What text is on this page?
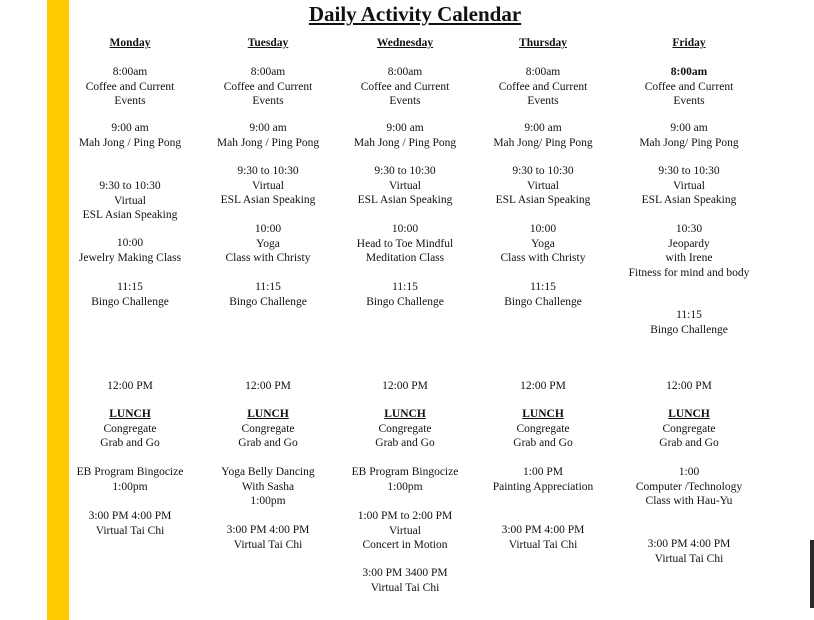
Daily Activity Calendar
Monday
8:00am
Coffee and Current
Events
9:00 am
Mah Jong / Ping Pong
9:30 to 10:30
Virtual
ESL Asian Speaking
10:00
Jewelry Making Class
11:15
Bingo Challenge
12:00 PM
LUNCH
Congregate
Grab and Go
EB Program Bingocize
1:00pm
3:00 PM 4:00 PM
Virtual Tai Chi
Tuesday
8:00am
Coffee and Current
Events
9:00 am
Mah Jong / Ping Pong
9:30 to 10:30
Virtual
ESL Asian Speaking
10:00
Yoga
Class with Christy
11:15
Bingo Challenge
12:00 PM
LUNCH
Congregate
Grab and Go
Yoga Belly Dancing
With Sasha
1:00pm
3:00 PM 4:00 PM
Virtual Tai Chi
Wednesday
8:00am
Coffee and Current
Events
9:00 am
Mah Jong / Ping Pong
9:30 to 10:30
Virtual
ESL Asian Speaking
10:00
Head to Toe Mindful
Meditation Class
11:15
Bingo Challenge
12:00 PM
LUNCH
Congregate
Grab and Go
EB Program Bingocize
1:00pm
1:00 PM to 2:00 PM
Virtual
Concert in Motion
3:00 PM 3400 PM
Virtual Tai Chi
Thursday
8:00am
Coffee and Current
Events
9:00 am
Mah Jong/ Ping Pong
9:30 to 10:30
Virtual
ESL Asian Speaking
10:00
Yoga
Class with Christy
11:15
Bingo Challenge
12:00 PM
LUNCH
Congregate
Grab and Go
1:00 PM
Painting Appreciation
3:00 PM 4:00 PM
Virtual Tai Chi
Friday
8:00am
Coffee and Current
Events
9:00 am
Mah Jong/ Ping Pong
9:30 to 10:30
Virtual
ESL Asian Speaking
10:30
Jeopardy
with Irene
Fitness for mind and body
11:15
Bingo Challenge
12:00 PM
LUNCH
Congregate
Grab and Go
1:00
Computer /Technology
Class with Hau-Yu
3:00 PM 4:00 PM
Virtual Tai Chi
